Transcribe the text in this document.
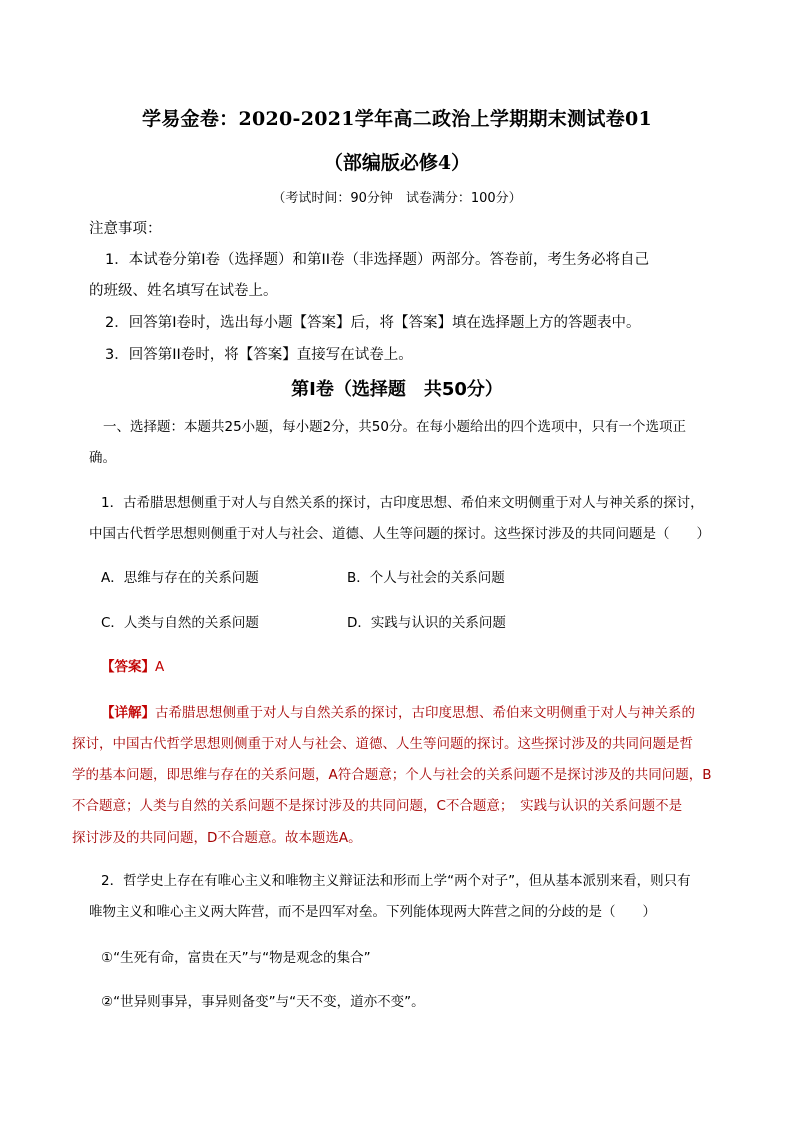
学易金卷：2020-2021学年高二政治上学期期末测试卷01
（部编版必修4）
（考试时间：90分钟　试卷满分：100分）
注意事项：
1．本试卷分第I卷（选择题）和第II卷（非选择题）两部分。答卷前，考生务必将自己
的班级、姓名填写在试卷上。
2．回答第I卷时，选出每小题【答案】后，将【答案】填在选择题上方的答题表中。
3．回答第II卷时，将【答案】直接写在试卷上。
第I卷（选择题　共50分）
一、选择题：本题共25小题，每小题2分，共50分。在每小题给出的四个选项中，只有一个选项正
确。
1．古希腊思想侧重于对人与自然关系的探讨，古印度思想、希伯来文明侧重于对人与神关系的探讨，
中国古代哲学思想则侧重于对人与社会、道德、人生等问题的探讨。这些探讨涉及的共同问题是（　　）
A．思维与存在的关系问题	B．个人与社会的关系问题
C．人类与自然的关系问题	D．实践与认识的关系问题
【答案】A
【详解】古希腊思想侧重于对人与自然关系的探讨，古印度思想、希伯来文明侧重于对人与神关系的
探讨，中国古代哲学思想则侧重于对人与社会、道德、人生等问题的探讨。这些探讨涉及的共同问题是哲
学的基本问题，即思维与存在的关系问题，A符合题意；个人与社会的关系问题不是探讨涉及的共同问题，B
不合题意；人类与自然的关系问题不是探讨涉及的共同问题，C不合题意；　实践与认识的关系问题不是
探讨涉及的共同问题，D不合题意。故本题选A。
2．哲学史上存在有唯心主义和唯物主义辩证法和形而上学“两个对子”，但从基本派别来看，则只有
唯物主义和唯心主义两大阵营，而不是四军对垒。下列能体现两大阵营之间的分歧的是（　　）
①“生死有命，富贵在天”与“物是观念的集合”
②“世异则事异，事异则备变”与“天不变，道亦不变”。
